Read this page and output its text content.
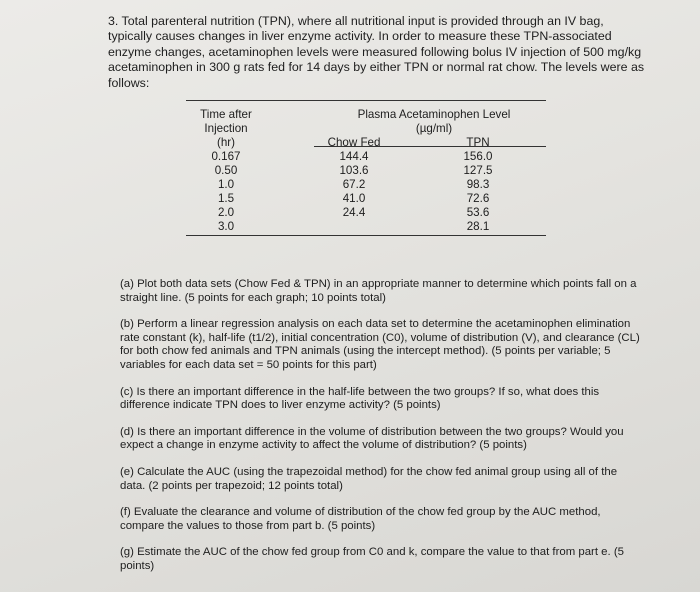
3. Total parenteral nutrition (TPN), where all nutritional input is provided through an IV bag, typically causes changes in liver enzyme activity. In order to measure these TPN-associated enzyme changes, acetaminophen levels were measured following bolus IV injection of 500 mg/kg acetaminophen in 300 g rats fed for 14 days by either TPN or normal rat chow. The levels were as follows:
Time after
Injection
(hr)
0.167
0.50
1.0
1.5
2.0
3.0
Plasma Acetaminophen Level
(µg/ml)
Chow Fed
144.4
103.6
67.2
41.0
24.4
TPN
156.0
127.5
98.3
72.6
53.6
28.1

(a) Plot both data sets (Chow Fed & TPN) in an appropriate manner to determine which points fall on a straight line. (5 points for each graph; 10 points total)

(b) Perform a linear regression analysis on each data set to determine the acetaminophen elimination rate constant (k), half-life (t1/2), initial concentration (C0), volume of distribution (V), and clearance (CL) for both chow fed animals and TPN animals (using the intercept method). (5 points per variable; 5 variables for each data set = 50 points for this part)

(c) Is there an important difference in the half-life between the two groups? If so, what does this difference indicate TPN does to liver enzyme activity? (5 points)

(d) Is there an important difference in the volume of distribution between the two groups? Would you expect a change in enzyme activity to affect the volume of distribution? (5 points)

(e) Calculate the AUC (using the trapezoidal method) for the chow fed animal group using all of the data. (2 points per trapezoid; 12 points total)

(f) Evaluate the clearance and volume of distribution of the chow fed group by the AUC method, compare the values to those from part b. (5 points)

(g) Estimate the AUC of the chow fed group from C0 and k, compare the value to that from part e. (5 points)
